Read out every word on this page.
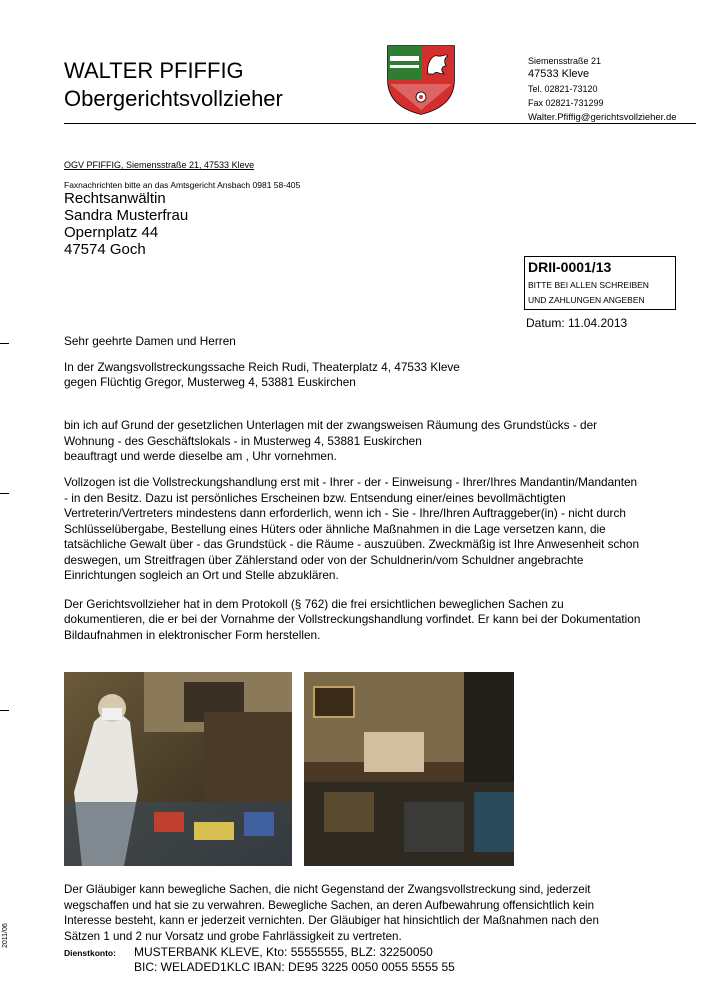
WALTER PFIFFIG
Obergerichtsvollzieher
Siemensstraße 21
47533 Kleve
Tel. 02821-73120
Fax 02821-731299
Walter.Pfiffig@gerichtsvollzieher.de
OGV PFIFFIG, Siemensstraße 21, 47533 Kleve
Faxnachrichten bitte an das Amtsgericht Ansbach 0981 58-405
Rechtsanwältin
Sandra Musterfrau
Opernplatz 44
47574 Goch
DRII-0001/13
BITTE BEI ALLEN SCHREIBEN
UND ZAHLUNGEN ANGEBEN
Datum: 11.04.2013
Sehr geehrte Damen und Herren
In der Zwangsvollstreckungssache Reich Rudi, Theaterplatz 4, 47533 Kleve
gegen Flüchtig Gregor, Musterweg 4, 53881 Euskirchen
bin ich auf Grund der gesetzlichen Unterlagen mit der zwangsweisen Räumung des Grundstücks - der
Wohnung - des Geschäftslokals - in Musterweg 4, 53881 Euskirchen
beauftragt und werde dieselbe am , Uhr vornehmen.
Vollzogen ist die Vollstreckungshandlung erst mit - Ihrer - der - Einweisung - Ihrer/Ihres Mandantin/Mandanten
- in den Besitz. Dazu ist persönliches Erscheinen bzw. Entsendung einer/eines bevollmächtigten
Vertreterin/Vertreters mindestens dann erforderlich, wenn ich - Sie - Ihre/Ihren Auftraggeber(in) - nicht durch
Schlüsselübergabe, Bestellung eines Hüters oder ähnliche Maßnahmen in die Lage versetzen kann, die
tatsächliche Gewalt über - das Grundstück - die Räume - auszuüben. Zweckmäßig ist Ihre Anwesenheit schon
deswegen, um Streitfragen über Zählerstand oder von der Schuldnerin/vom Schuldner angebrachte
Einrichtungen sogleich an Ort und Stelle abzuklären.
Der Gerichtsvollzieher hat in dem Protokoll (§ 762) die frei ersichtlichen beweglichen Sachen zu
dokumentieren, die er bei der Vornahme der Vollstreckungshandlung vorfindet. Er kann bei der Dokumentation
Bildaufnahmen in elektronischer Form herstellen.
Der Gläubiger kann bewegliche Sachen, die nicht Gegenstand der Zwangsvollstreckung sind, jederzeit
wegschaffen und hat sie zu verwahren. Bewegliche Sachen, an deren Aufbewahrung offensichtlich kein
Interesse besteht, kann er jederzeit vernichten. Der Gläubiger hat hinsichtlich der Maßnahmen nach den
Sätzen 1 und 2 nur Vorsatz und grobe Fahrlässigkeit zu vertreten.
Dienstkonto: MUSTERBANK KLEVE, Kto: 55555555, BLZ: 32250050
BIC: WELADED1KLC IBAN: DE95 3225 0050 0055 5555 55
2011/06
